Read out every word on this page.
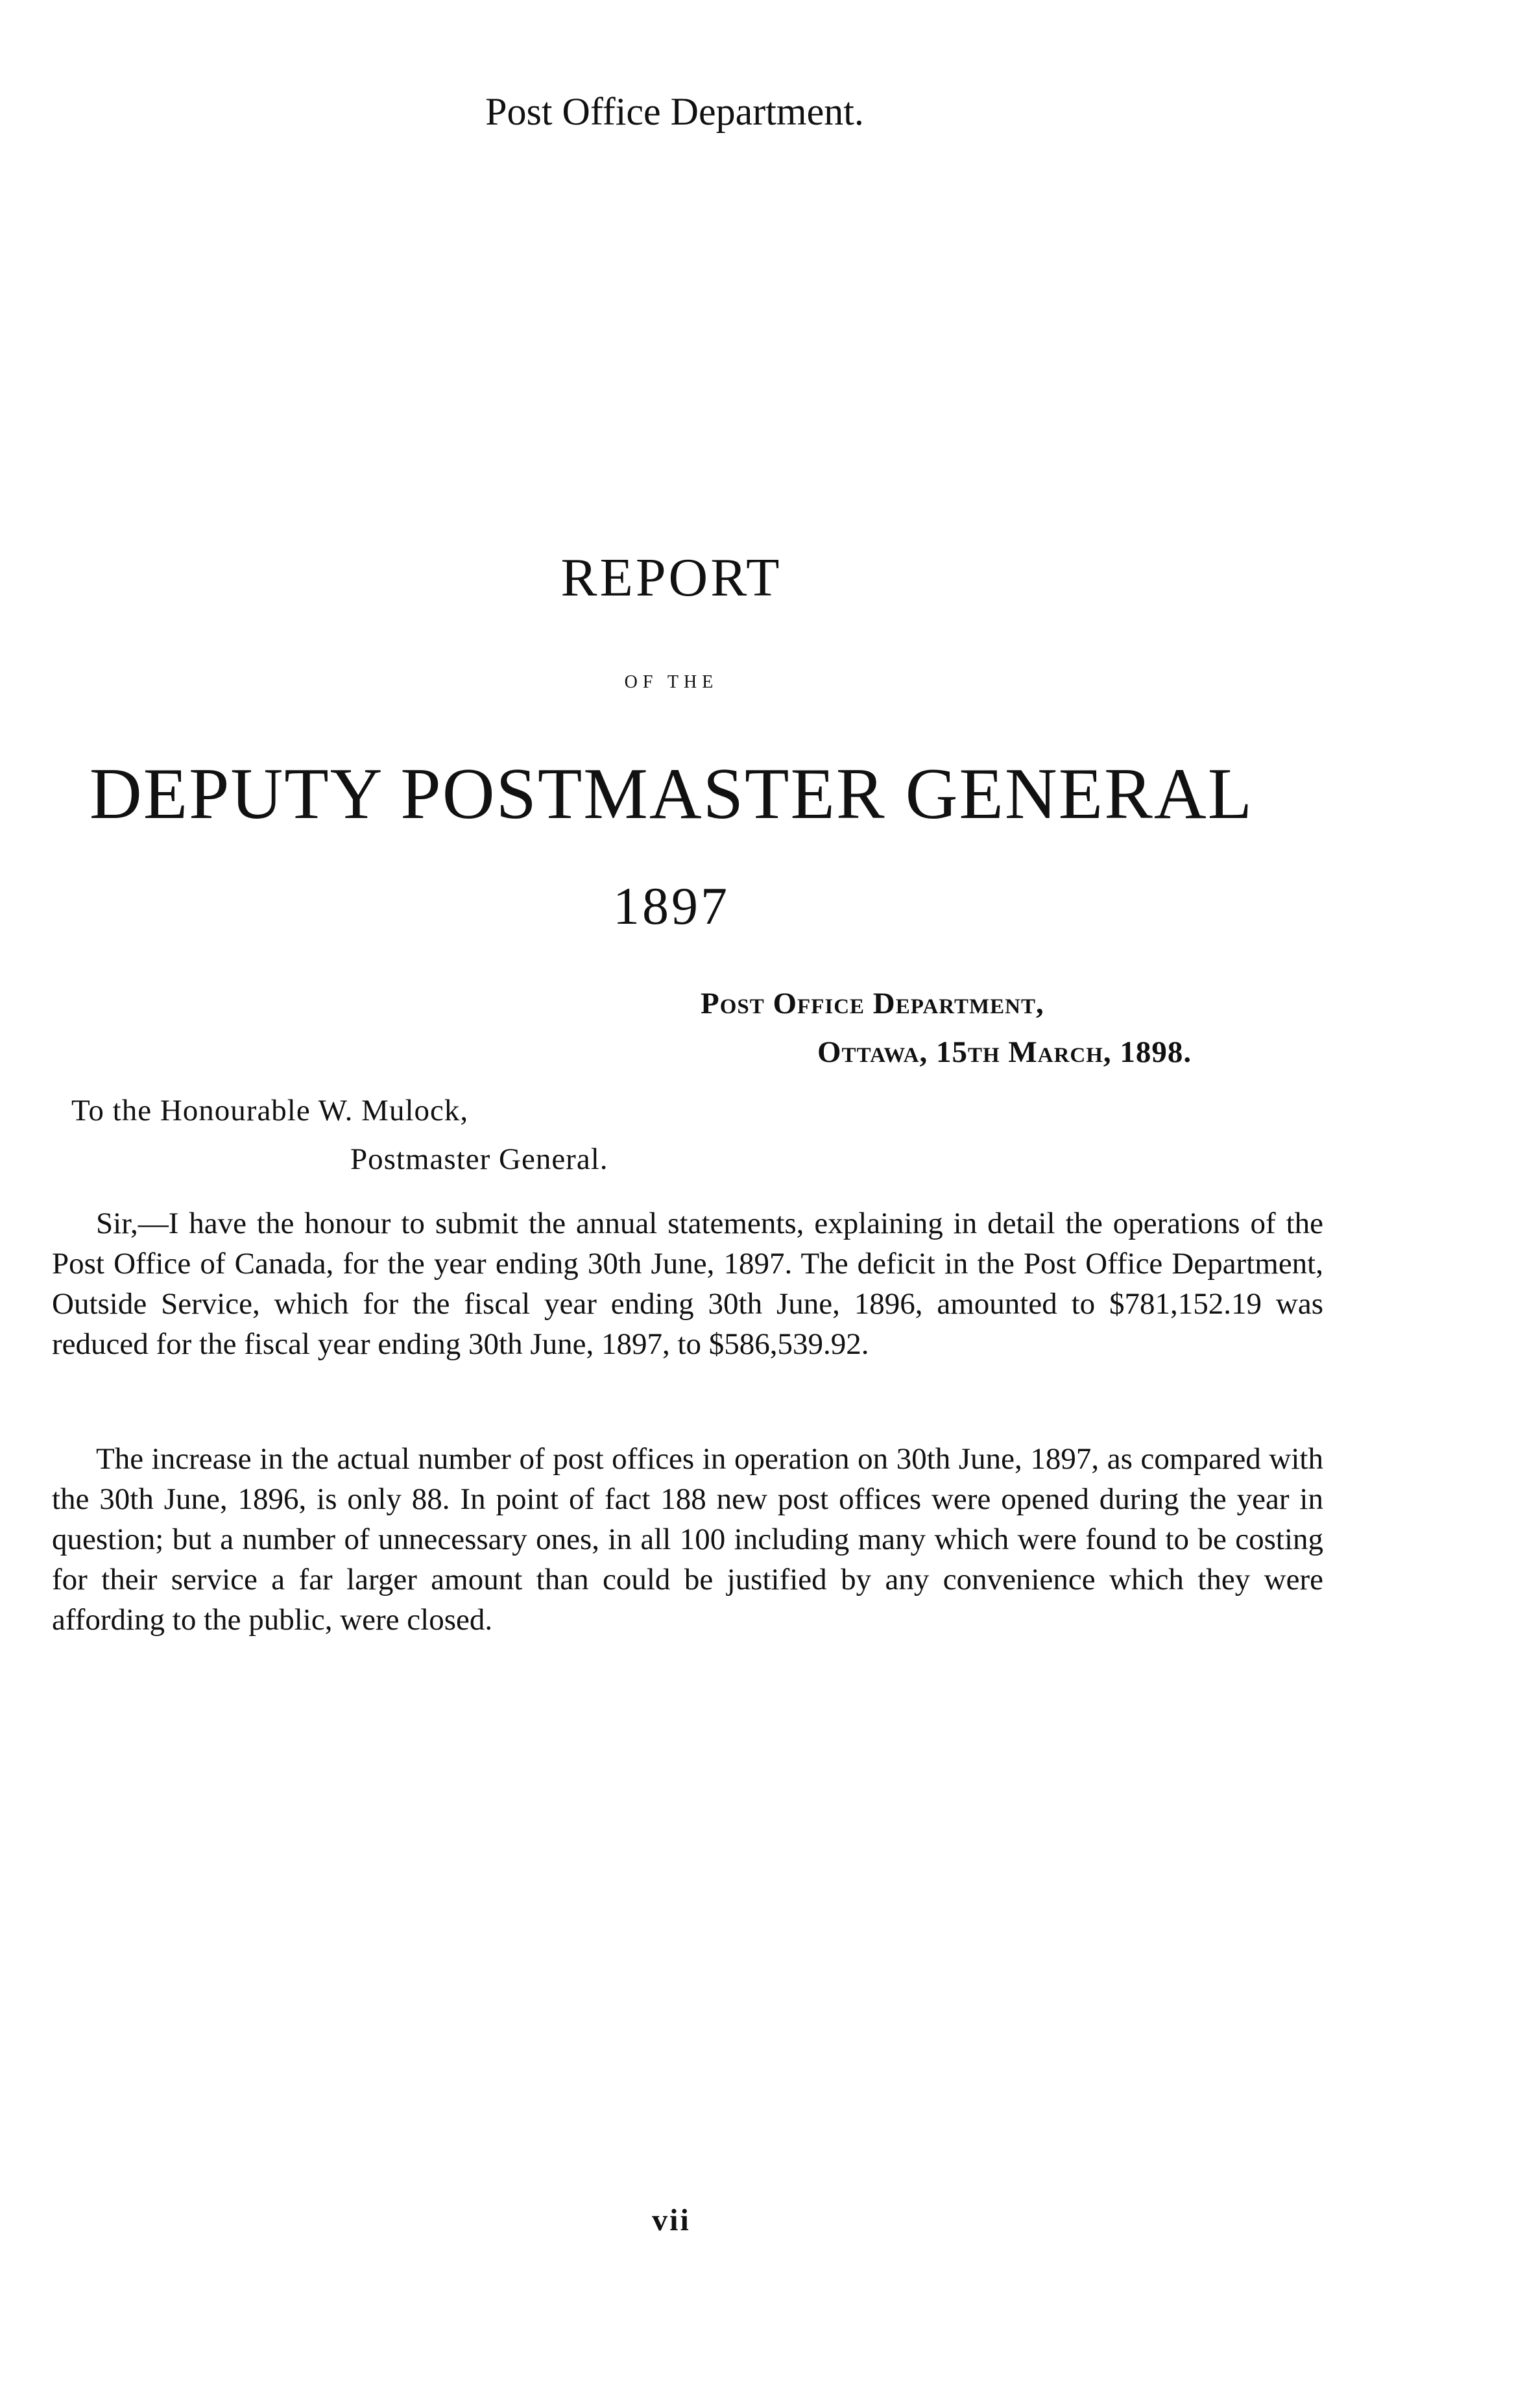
Post Office Department.
REPORT
OF THE
DEPUTY POSTMASTER GENERAL
1897
Post Office Department,
Ottawa, 15th March, 1898.
To the Honourable W. Mulock,
Postmaster General.

Sir,—I have the honour to submit the annual statements, explaining in detail the operations of the Post Office of Canada, for the year ending 30th June, 1897. The deficit in the Post Office Department, Outside Service, which for the fiscal year ending 30th June, 1896, amounted to $781,152.19 was reduced for the fiscal year ending 30th June, 1897, to $586,539.92.

The increase in the actual number of post offices in operation on 30th June, 1897, as compared with the 30th June, 1896, is only 88. In point of fact 188 new post offices were opened during the year in question; but a number of unnecessary ones, in all 100 including many which were found to be costing for their service a far larger amount than could be justified by any convenience which they were affording to the public, were closed.

vii
